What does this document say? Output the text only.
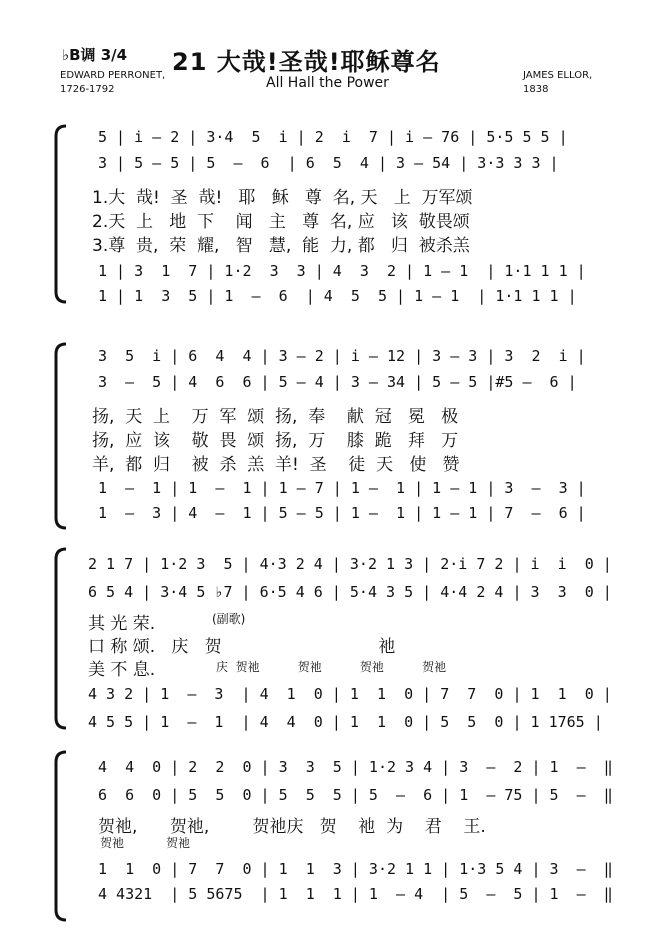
♭B调 3/4 21 大哉!圣哉!耶稣尊名
All Hall the Power
EDWARD PERRONET,
1726-1792
JAMES ELLOR,
1838
5 | i – 2 | 3·4  5  i | 2  i  7 | i – 76 | 5·5 5 5 |
3 | 5 – 5 | 5  –  6  | 6  5  4 | 3 – 54 | 3·3 3 3 |
1.大  哉!  圣  哉!   耶   稣   尊  名, 天   上  万军颂
2.天  上   地  下    闻   主   尊  名, 应   该  敬畏颂
3.尊  贵,  荣  耀,   智   慧,  能  力, 都   归  被杀羔
1 | 3  1  7 | 1·2  3  3 | 4  3  2 | 1 – 1  | 1·1 1 1 |
1 | 1  3  5 | 1  –  6  | 4  5  5 | 1 – 1  | 1·1 1 1 |
3  5  i | 6  4  4 | 3 – 2 | i – 12 | 3 – 3 | 3  2  i |
3  –  5 | 4  6  6 | 5 – 4 | 3 – 34 | 5 – 5 |#5 –  6 |
扬,  天  上    万  军  颂  扬,  奉    献  冠   冕   极
扬,  应  该    敬  畏  颂  扬,  万    膝  跪   拜   万
羊,  都  归    被  杀  羔  羊!  圣    徒  天   使   赞
1  –  1 | 1  –  1 | 1 – 7 | 1 –  1 | 1 – 1 | 3  –  3 |
1  –  3 | 4  –  1 | 5 – 5 | 1 –  1 | 1 – 1 | 7  –  6 |
2 1 7 | 1·2 3  5 | 4·3 2 4 | 3·2 1 3 | 2·i 7 2 | i  i  0 |
6 5 4 | 3·4 5 ♭7 | 6·5 4 6 | 5·4 3 5 | 4·4 2 4 | 3  3  0 |
其 光 荣.	(副歌)
口 称 颂.   庆   贺                             祂
美 不 息.	庆  贺祂          贺祂          贺祂          贺祂
4 3 2 | 1  –  3  | 4  1  0 | 1  1  0 | 7  7  0 | 1  1  0 |
4 5 5 | 1  –  1  | 4  4  0 | 1  1  0 | 5  5  0 | 1 1765 |
4  4  0 | 2  2  0 | 3  3  5 | 1·2 3 4 | 3  –  2 | 1  –  ‖
6  6  0 | 5  5  0 | 5  5  5 | 5  –  6 | 1  – 75 | 5  –  ‖
贺祂,      贺祂,        贺祂庆   贺    祂  为    君    王.
贺祂           贺祂
1  1  0 | 7  7  0 | 1  1  3 | 3·2 1 1 | 1·3 5 4 | 3  –  ‖
4 4321  | 5 5675  | 1  1  1 | 1  – 4  | 5  –  5 | 1  –  ‖
